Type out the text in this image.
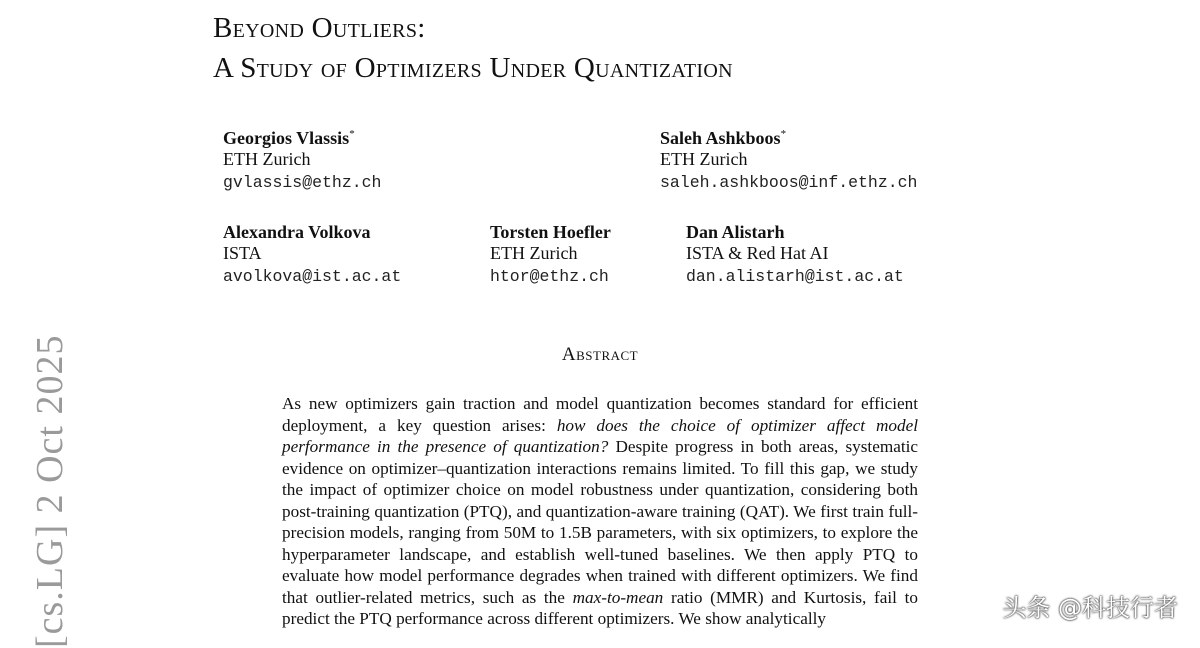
Beyond Outliers:
A Study of Optimizers Under Quantization
Georgios Vlassis*
ETH Zurich
gvlassis@ethz.ch
Saleh Ashkboos*
ETH Zurich
saleh.ashkboos@inf.ethz.ch
Alexandra Volkova
ISTA
avolkova@ist.ac.at
Torsten Hoefler
ETH Zurich
htor@ethz.ch
Dan Alistarh
ISTA & Red Hat AI
dan.alistarh@ist.ac.at
Abstract

As new optimizers gain traction and model quantization becomes standard for efficient deployment, a key question arises: how does the choice of optimizer affect model performance in the presence of quantization? Despite progress in both areas, systematic evidence on optimizer–quantization interactions remains limited. To fill this gap, we study the impact of optimizer choice on model robustness under quantization, considering both post-training quantization (PTQ), and quantization-aware training (QAT). We first train full-precision models, ranging from 50M to 1.5B parameters, with six optimizers, to explore the hyperparameter landscape, and establish well-tuned baselines. We then apply PTQ to evaluate how model performance degrades when trained with different optimizers. We find that outlier-related metrics, such as the max-to-mean ratio (MMR) and Kurtosis, fail to predict the PTQ performance across different optimizers. We show analytically

[cs.LG] 2 Oct 2025	头条 @科技行者
